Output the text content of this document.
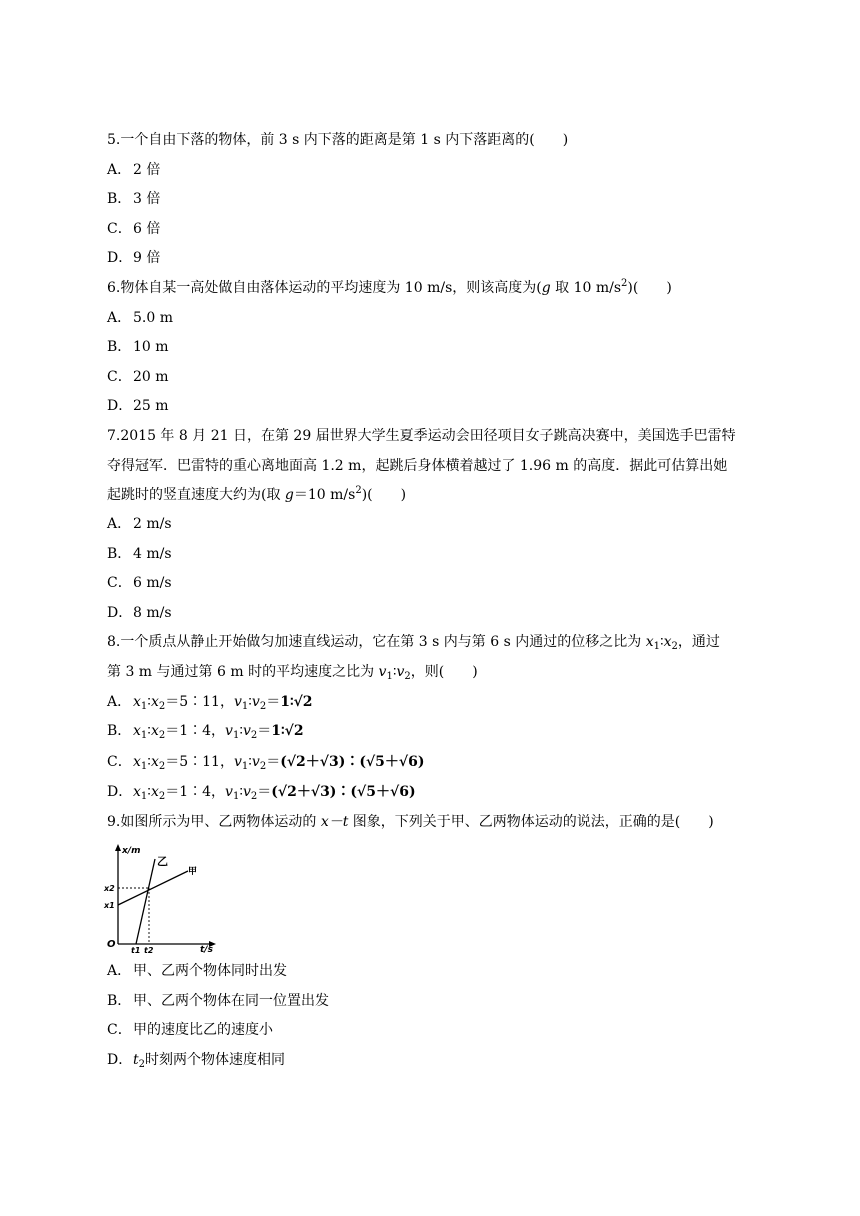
5.一个自由下落的物体，前 3 s 内下落的距离是第 1 s 内下落距离的(　　)
A． 2 倍
B． 3 倍
C．6 倍
D．9 倍
6.物体自某一高处做自由落体运动的平均速度为 10 m/s，则该高度为(g 取 10 $m/s^2$)(　　)
A． 5.0 m
B． 10 m
C．20 m
D．25 m
7.2015 年 8 月 21 日，在第 29 届世界大学生夏季运动会田径项目女子跳高决赛中，美国选手巴雷特
夺得冠军．巴雷特的重心离地面高 1.2 m，起跳后身体横着越过了 1.96 m 的高度．据此可估算出她
起跳时的竖直速度大约为(取 g＝10 $m/s^2$)(　　)
A． 2 m/s
B． 4 m/s
C．6 m/s
D．8 m/s
8.一个质点从静止开始做匀加速直线运动，它在第 3 s 内与第 6 s 内通过的位移之比为 $x_1∶x_2$，通过
第 3 m 与通过第 6 m 时的平均速度之比为 $v_1∶v_2$，则(　　)
A． $x_1∶x_2=5∶11$，$v_1∶v_2=1∶√2$
B． $x_1∶x_2=1∶4$，$v_1∶v_2=1∶√2$
C．$x_1∶x_2=5∶11$，$v_1∶v_2=(√2+√3)∶(√5+√6)$
D．$x_1∶x_2=1∶4$，$v_1∶v_2=(√2+√3)∶(√5+√6)$
9.如图所示为甲、乙两物体运动的 x－t 图象，下列关于甲、乙两物体运动的说法，正确的是(　　)
x/m
t/s
O
乙
甲
x2
x1
t1 t2
A． 甲、乙两个物体同时出发
B． 甲、乙两个物体在同一位置出发
C．甲的速度比乙的速度小
D．$t_2$时刻两个物体速度相同
